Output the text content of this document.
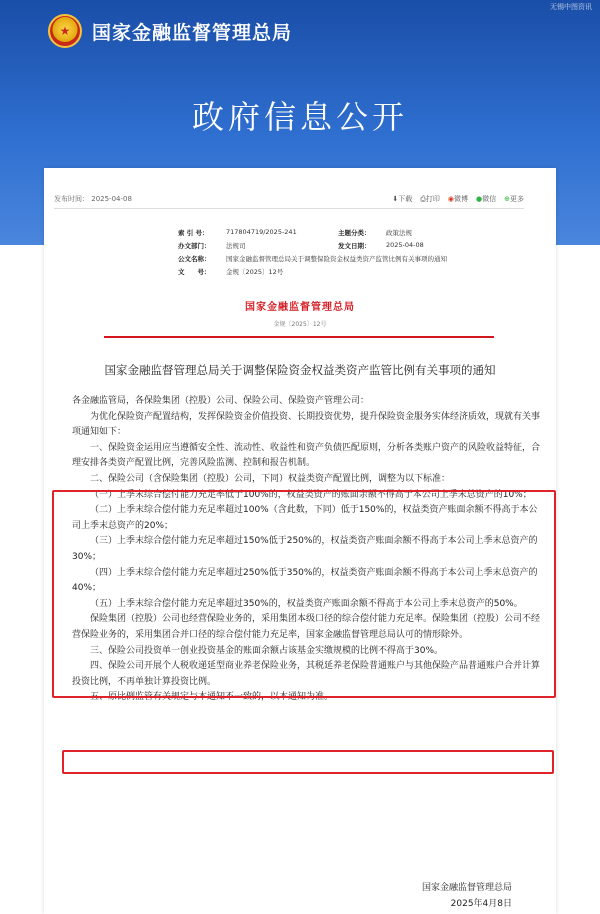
无锡中图资讯
★	国家金融监督管理总局
政府信息公开
发布时间： 2025-04-08	⬇下载 ⎙打印 ◉微博 ●微信 ⊕更多
索 引 号：	717804719/2025-241	主题分类：	政策法规
办文部门：	法规司	发文日期：	2025-04-08
公文名称：	国家金融监督管理总局关于调整保险资金权益类资产监管比例有关事项的通知
文　　号：	金规〔2025〕12号
国家金融监督管理总局
金规〔2025〕12号
国家金融监督管理总局关于调整保险资金权益类资产监管比例有关事项的通知

各金融监管局，各保险集团（控股）公司、保险公司、保险资产管理公司：

为优化保险资产配置结构，发挥保险资金价值投资、长期投资优势，提升保险资金服务实体经济质效，现就有关事项通知如下：

一、保险资金运用应当遵循安全性、流动性、收益性和资产负债匹配原则，分析各类账户资产的风险收益特征，合理安排各类资产配置比例，完善风险监测、控制和报告机制。

二、保险公司（含保险集团（控股）公司，下同）权益类资产配置比例，调整为以下标准：

（一）上季末综合偿付能力充足率低于100%的，权益类资产的账面余额不得高于本公司上季末总资产的10%；

（二）上季末综合偿付能力充足率超过100%（含此数，下同）低于150%的，权益类资产账面余额不得高于本公司上季末总资产的20%；

（三）上季末综合偿付能力充足率超过150%低于250%的，权益类资产账面余额不得高于本公司上季末总资产的30%；

（四）上季末综合偿付能力充足率超过250%低于350%的，权益类资产账面余额不得高于本公司上季末总资产的40%；

（五）上季末综合偿付能力充足率超过350%的，权益类资产账面余额不得高于本公司上季末总资产的50%。

保险集团（控股）公司也经营保险业务的，采用集团本级口径的综合偿付能力充足率。保险集团（控股）公司不经营保险业务的，采用集团合并口径的综合偿付能力充足率，国家金融监督管理总局认可的情形除外。

三、保险公司投资单一创业投资基金的账面余额占该基金实缴规模的比例不得高于30%。

四、保险公司开展个人税收递延型商业养老保险业务，其税延养老保险普通账户与其他保险产品普通账户合并计算投资比例，不再单独计算投资比例。

五、原比例监管有关规定与本通知不一致的，以本通知为准。

国家金融监督管理总局
2025年4月8日
